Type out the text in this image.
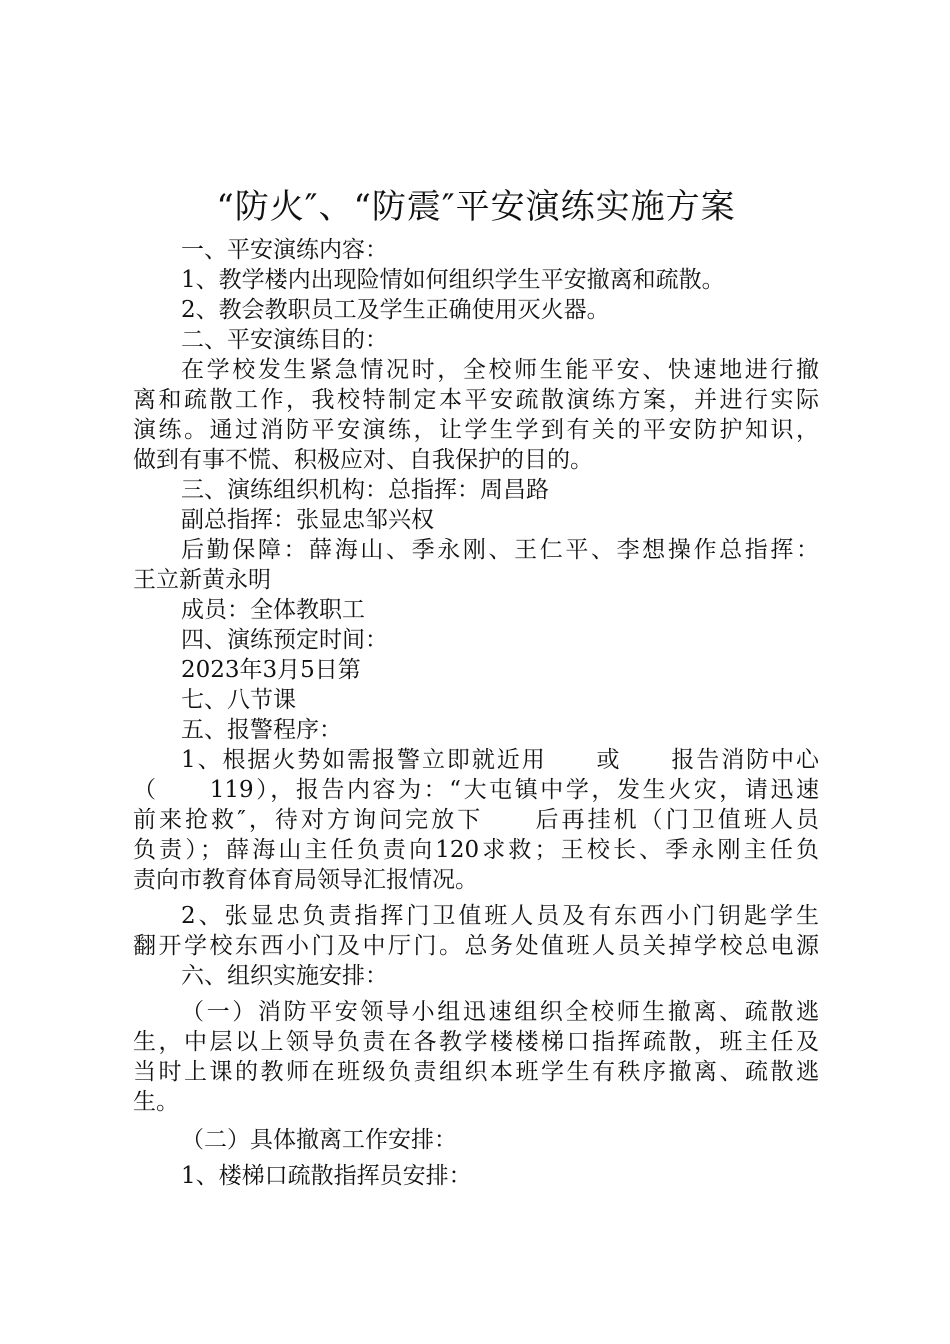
“防火″、“防震″平安演练实施方案
一、平安演练内容：
1、教学楼内出现险情如何组织学生平安撤离和疏散。
2、教会教职员工及学生正确使用灭火器。
二、平安演练目的：
在学校发生紧急情况时，全校师生能平安、快速地进行撤
离和疏散工作，我校特制定本平安疏散演练方案，并进行实际
演练。通过消防平安演练，让学生学到有关的平安防护知识，
做到有事不慌、积极应对、自我保护的目的。
三、演练组织机构：总指挥：周昌路
副总指挥：张显忠邹兴权
后勤保障：薛海山、季永刚、王仁平、李想操作总指挥：
王立新黄永明
成员：全体教职工
四、演练预定时间：
2023年3月5日第
七、八节课
五、报警程序：
1、根据火势如需报警立即就近用　　或　　报告消防中心
（　　119），报告内容为：“大屯镇中学，发生火灾，请迅速
前来抢救″，待对方询问完放下　　后再挂机（门卫值班人员
负责）；薛海山主任负责向120求救；王校长、季永刚主任负
责向市教育体育局领导汇报情况。
2、张显忠负责指挥门卫值班人员及有东西小门钥匙学生
翻开学校东西小门及中厅门。总务处值班人员关掉学校总电源
六、组织实施安排：
（一）消防平安领导小组迅速组织全校师生撤离、疏散逃
生，中层以上领导负责在各教学楼楼梯口指挥疏散，班主任及
当时上课的教师在班级负责组织本班学生有秩序撤离、疏散逃
生。
（二）具体撤离工作安排：
1、楼梯口疏散指挥员安排：
